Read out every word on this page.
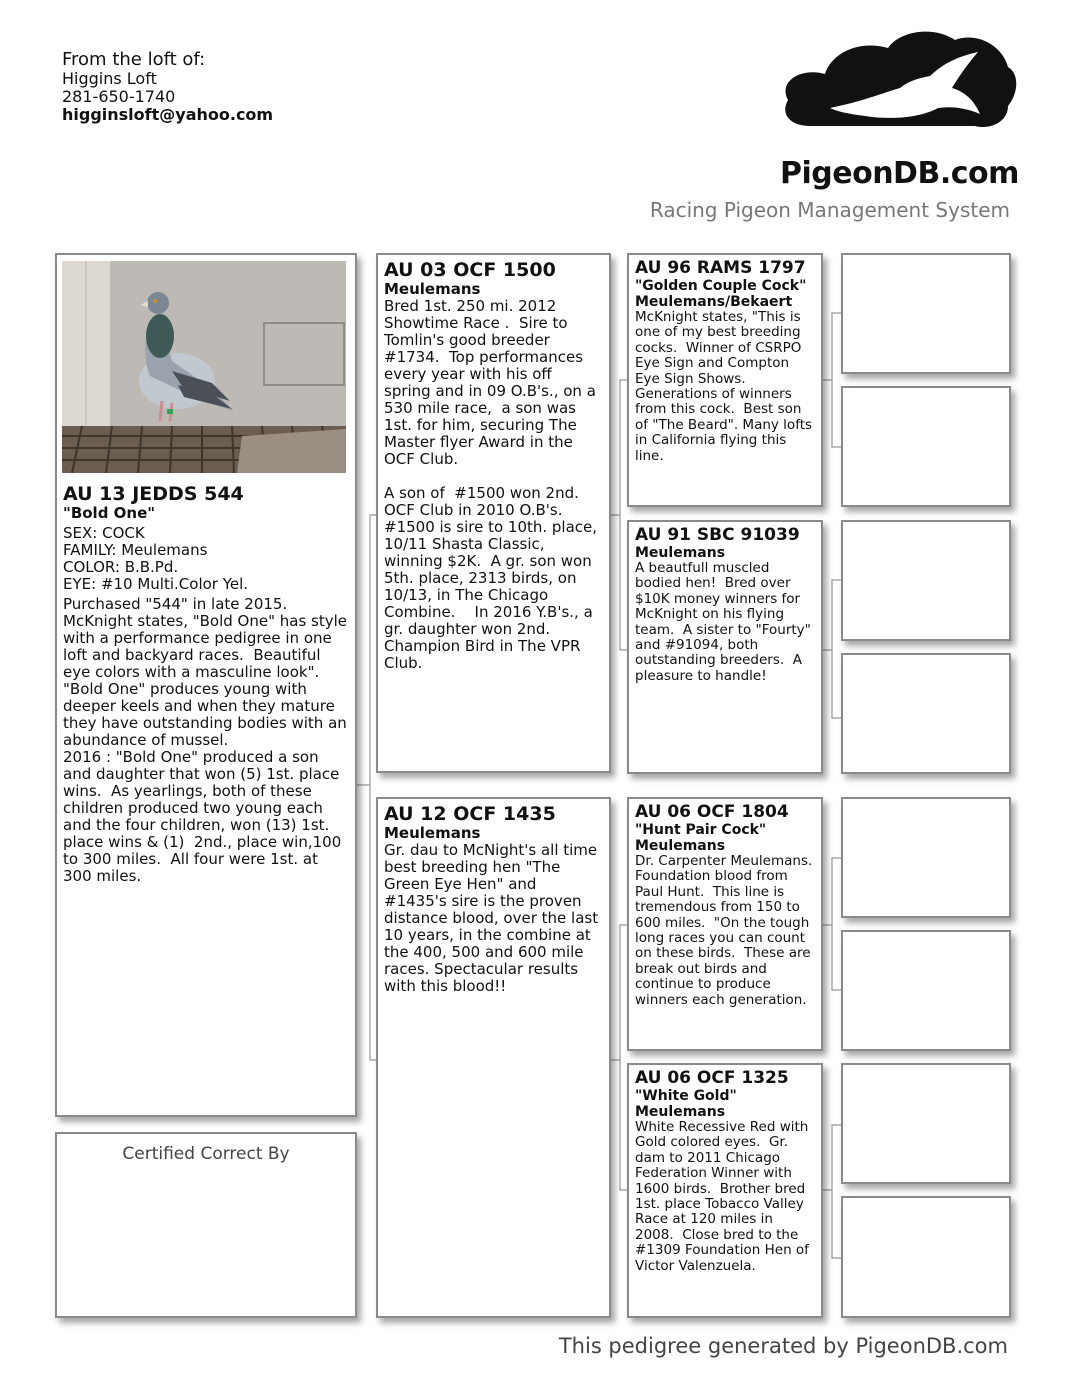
From the loft of:
Higgins Loft
281-650-1740
higginsloft@yahoo.com
PigeonDB.com
Racing Pigeon Management System
AU 13 JEDDS 544
"Bold One"
SEX: COCK
FAMILY: Meulemans
COLOR: B.B.Pd.
EYE: #10 Multi.Color Yel.
Purchased "544" in late 2015. McKnight states, "Bold One" has style with a performance pedigree in one loft and backyard races.  Beautiful eye colors with a masculine look". "Bold One" produces young with deeper keels and when they mature they have outstanding bodies with an abundance of mussel.
2016 : "Bold One" produced a son and daughter that won (5) 1st. place wins.  As yearlings, both of these children produced two young each and the four children, won (13) 1st. place wins & (1)  2nd., place win,100 to 300 miles.  All four were 1st. at 300 miles.
AU 03 OCF 1500
Meulemans
Bred 1st. 250 mi. 2012 Showtime Race .  Sire to Tomlin's good breeder #1734.  Top performances every year with his off spring and in 09 O.B's., on a 530 mile race,  a son was 1st. for him, securing The Master flyer Award in the OCF Club.

A son of  #1500 won 2nd. OCF Club in 2010 O.B's. #1500 is sire to 10th. place, 10/11 Shasta Classic, winning $2K.  A gr. son won 5th. place, 2313 birds, on 10/13, in The Chicago Combine.    In 2016 Y.B's., a gr. daughter won 2nd. Champion Bird in The VPR Club.
AU 12 OCF 1435
Meulemans
Gr. dau to McNight's all time best breeding hen "The Green Eye Hen" and #1435's sire is the proven distance blood, over the last 10 years, in the combine at the 400, 500 and 600 mile races. Spectacular results with this blood!!
AU 96 RAMS 1797
"Golden Couple Cock"
Meulemans/Bekaert
McKnight states, "This is one of my best breeding cocks.  Winner of CSRPO Eye Sign and Compton Eye Sign Shows.  Generations of winners from this cock.  Best son of "The Beard". Many lofts in California flying this line.
AU 91 SBC 91039
Meulemans
A beautfull muscled bodied hen!  Bred over $10K money winners for McKnight on his flying team.  A sister to "Fourty" and #91094, both outstanding breeders.  A pleasure to handle!
AU 06 OCF 1804
"Hunt Pair Cock"
Meulemans
Dr. Carpenter Meulemans. Foundation blood from Paul Hunt.  This line is tremendous from 150 to 600 miles.  "On the tough long races you can count on these birds.  These are break out birds and continue to produce winners each generation.
AU 06 OCF 1325
"White Gold"
Meulemans
White Recessive Red with Gold colored eyes.  Gr. dam to 2011 Chicago Federation Winner with 1600 birds.  Brother bred 1st. place Tobacco Valley Race at 120 miles in 2008.  Close bred to the #1309 Foundation Hen of Victor Valenzuela.
Certified Correct By
This pedigree generated by PigeonDB.com
